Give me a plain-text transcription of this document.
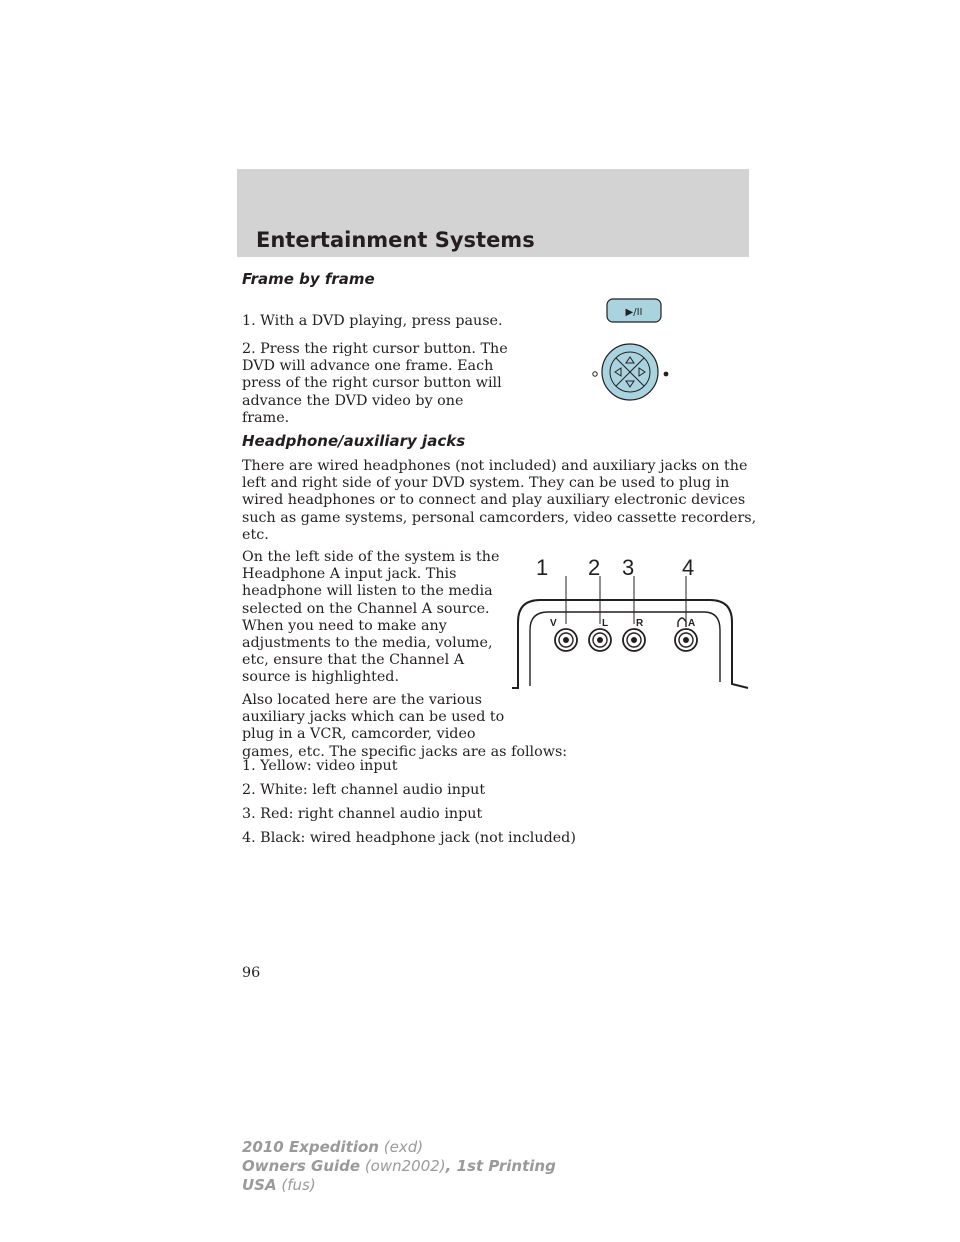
Entertainment Systems
Frame by frame
1. With a DVD playing, press pause.
2. Press the right cursor button. The
DVD will advance one frame. Each
press of the right cursor button will
advance the DVD video by one
frame.
▶/II
Headphone/auxiliary jacks
There are wired headphones (not included) and auxiliary jacks on the
left and right side of your DVD system. They can be used to plug in
wired headphones or to connect and play auxiliary electronic devices
such as game systems, personal camcorders, video cassette recorders,
etc.
On the left side of the system is the
Headphone A input jack. This
headphone will listen to the media
selected on the Channel A source.
When you need to make any
adjustments to the media, volume,
etc, ensure that the Channel A
source is highlighted.
Also located here are the various
auxiliary jacks which can be used to
plug in a VCR, camcorder, video
games, etc. The specific jacks are as follows:
1. Yellow: video input
2. White: left channel audio input
3. Red: right channel audio input
4. Black: wired headphone jack (not included)
1 2 3 4
V	L	R	A
96
2010 Expedition (exd)
Owners Guide (own2002), 1st Printing
USA (fus)
